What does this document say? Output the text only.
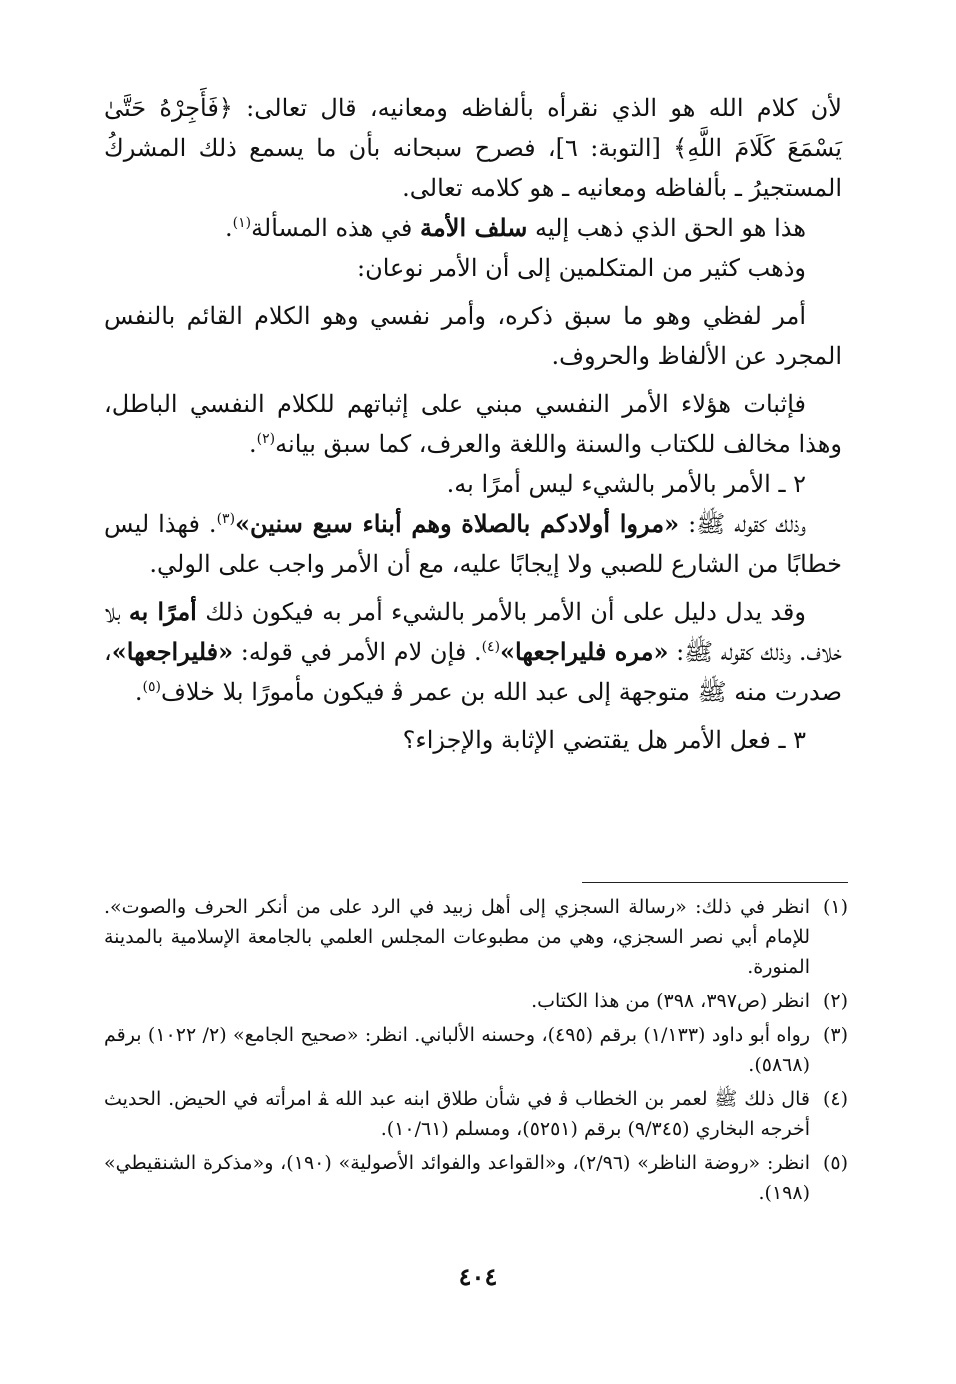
لأن كلام الله هو الذي نقرأه بألفاظه ومعانيه، قال تعالى: ﴿فَأَجِرْهُ حَتَّىٰ يَسْمَعَ كَلَامَ اللَّهِ﴾ [التوبة: ٦]، فصرح سبحانه بأن ما يسمع ذلك المشركُ المستجيرُ ـ بألفاظه ومعانيه ـ هو كلامه تعالى.

هذا هو الحق الذي ذهب إليه سلف الأمة في هذه المسألة$^{(١)}$.

وذهب كثير من المتكلمين إلى أن الأمر نوعان:

أمر لفظي وهو ما سبق ذكره، وأمر نفسي وهو الكلام القائم بالنفس المجرد عن الألفاظ والحروف.

فإثبات هؤلاء الأمر النفسي مبني على إثباتهم للكلام النفسي الباطل، وهذا مخالف للكتاب والسنة واللغة والعرف، كما سبق بيانه$^{(٢)}$.

٢ ـ الأمر بالأمر بالشيء ليس أمرًا به.

وذلك كقوله ﷺ: «مروا أولادكم بالصلاة وهم أبناء سبع سنين»$^{(٣)}$. فهذا ليس خطابًا من الشارع للصبي ولا إيجابًا عليه، مع أن الأمر واجب على الولي.

وقد يدل دليل على أن الأمر بالأمر بالشيء أمر به فيكون ذلك أمرًا به بلا خلاف. وذلك كقوله ﷺ: «مره فليراجعها»$^{(٤)}$. فإن لام الأمر في قوله: «فليراجعها»، صدرت منه ﷺ متوجهة إلى عبد الله بن عمر ﭬ فيكون مأمورًا بلا خلاف$^{(٥)}$.

٣ ـ فعل الأمر هل يقتضي الإثابة والإجزاء؟

(١)
انظر في ذلك: «رسالة السجزي إلى أهل زبيد في الرد على من أنكر الحرف والصوت». للإمام أبي نصر السجزي، وهي من مطبوعات المجلس العلمي بالجامعة الإسلامية بالمدينة المنورة.
(٢)
انظر (ص٣٩٧، ٣٩٨) من هذا الكتاب.
(٣)
رواه أبو داود (١/١٣٣) برقم (٤٩٥)، وحسنه الألباني. انظر: «صحيح الجامع» (٢/ ١٠٢٢) برقم (٥٨٦٨).
(٤)
قال ذلك ﷺ لعمر بن الخطاب ﭬ في شأن طلاق ابنه عبد الله ﭭ امرأته في الحيض. الحديث أخرجه البخاري (٩/٣٤٥) برقم (٥٢٥١)، ومسلم (١٠/٦١).
(٥)
انظر: «روضة الناظر» (٢/٩٦)، و«القواعد والفوائد الأصولية» (١٩٠)، و«مذكرة الشنقيطي» (١٩٨).
٤٠٤
